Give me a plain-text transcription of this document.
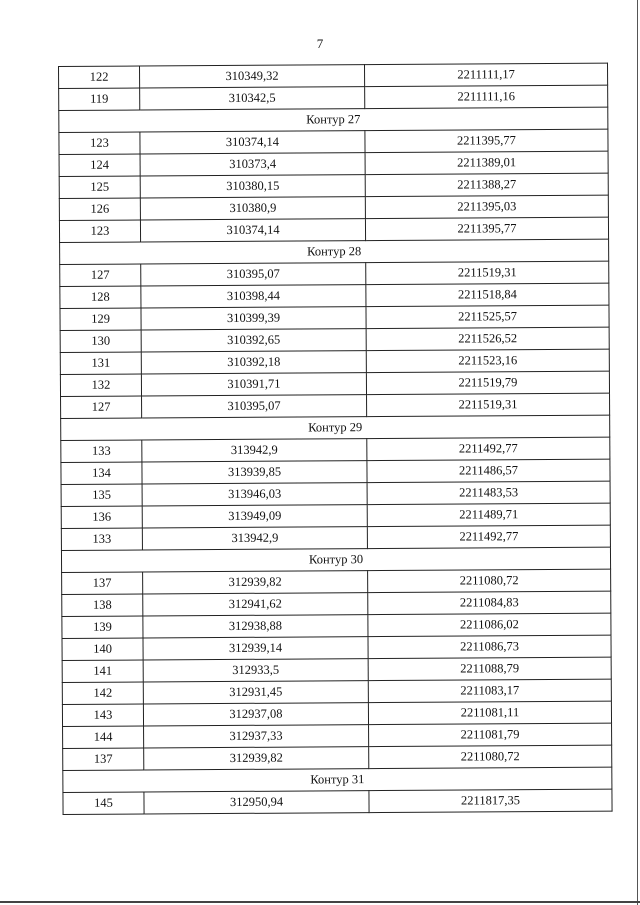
7
122	310349,32	2211111,17
119	310342,5	2211111,16
Контур 27		
123	310374,14	2211395,77
124	310373,4	2211389,01
125	310380,15	2211388,27
126	310380,9	2211395,03
123	310374,14	2211395,77
Контур 28		
127	310395,07	2211519,31
128	310398,44	2211518,84
129	310399,39	2211525,57
130	310392,65	2211526,52
131	310392,18	2211523,16
132	310391,71	2211519,79
127	310395,07	2211519,31
Контур 29		
133	313942,9	2211492,77
134	313939,85	2211486,57
135	313946,03	2211483,53
136	313949,09	2211489,71
133	313942,9	2211492,77
Контур 30		
137	312939,82	2211080,72
138	312941,62	2211084,83
139	312938,88	2211086,02
140	312939,14	2211086,73
141	312933,5	2211088,79
142	312931,45	2211083,17
143	312937,08	2211081,11
144	312937,33	2211081,79
137	312939,82	2211080,72
Контур 31		
145	312950,94	2211817,35
